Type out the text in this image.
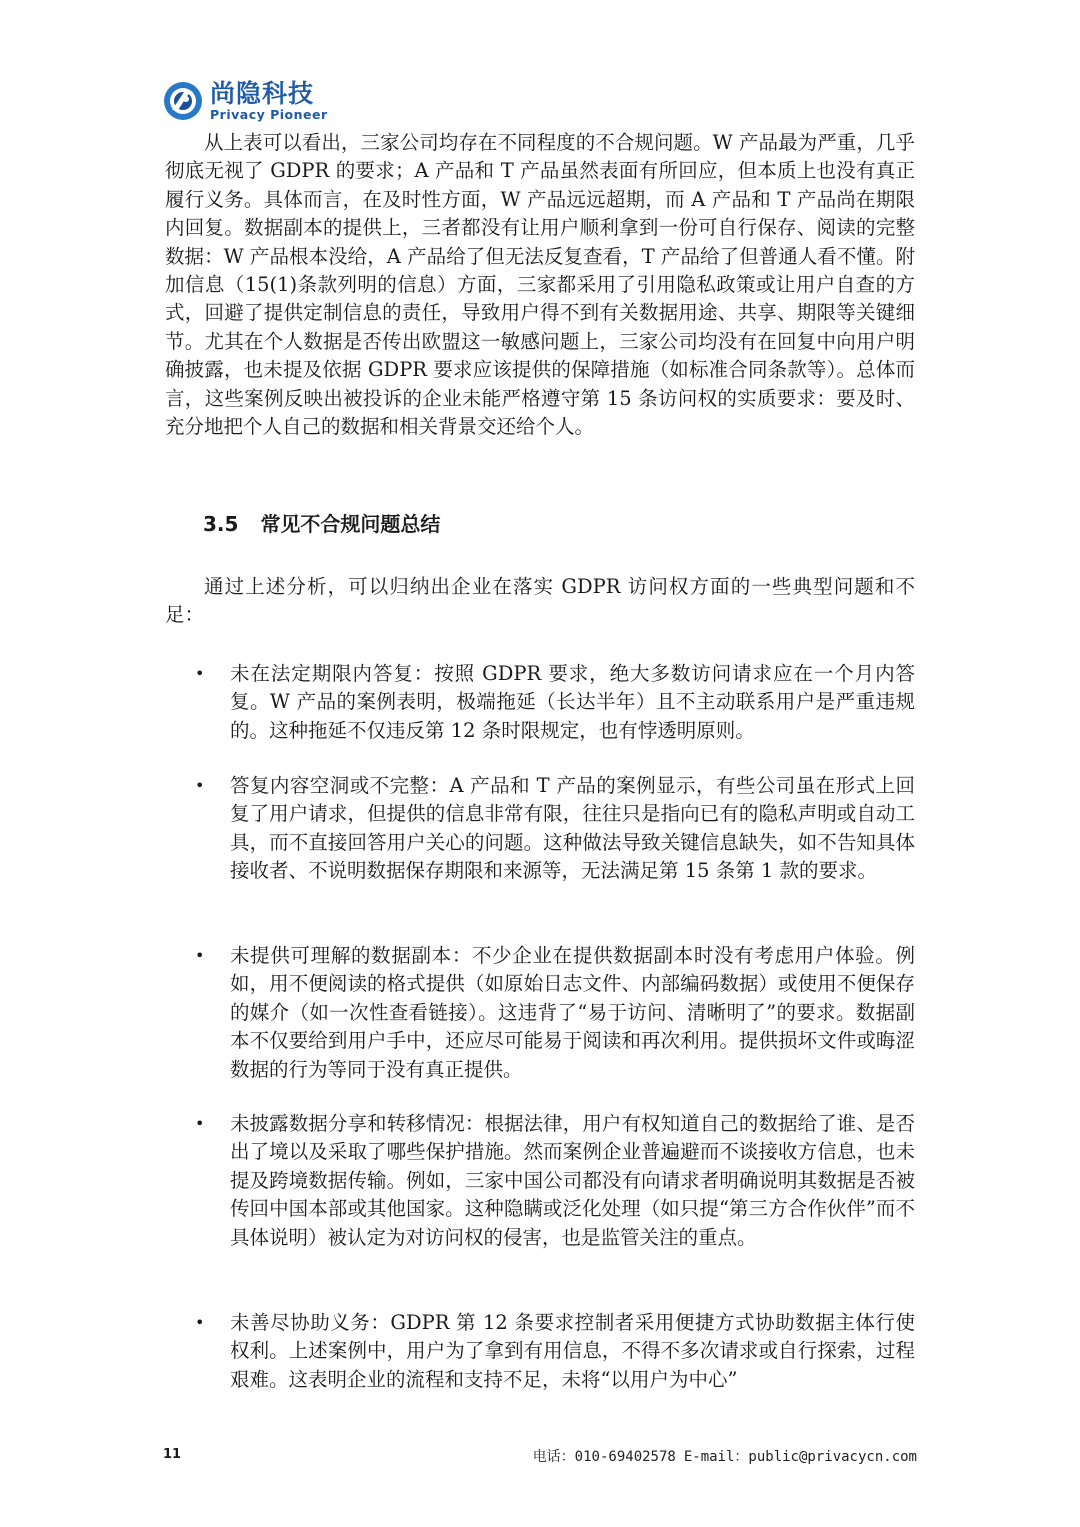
尚隐科技
Privacy Pioneer

从上表可以看出，三家公司均存在不同程度的不合规问题。W 产品最为严重，几乎彻底无视了 GDPR 的要求；A 产品和 T 产品虽然表面有所回应，但本质上也没有真正履行义务。具体而言，在及时性方面，W 产品远远超期，而 A 产品和 T 产品尚在期限内回复。数据副本的提供上，三者都没有让用户顺利拿到一份可自行保存、阅读的完整数据：W 产品根本没给，A 产品给了但无法反复查看，T 产品给了但普通人看不懂。附加信息（15(1)条款列明的信息）方面，三家都采用了引用隐私政策或让用户自查的方式，回避了提供定制信息的责任，导致用户得不到有关数据用途、共享、期限等关键细节。尤其在个人数据是否传出欧盟这一敏感问题上，三家公司均没有在回复中向用户明确披露，也未提及依据 GDPR 要求应该提供的保障措施（如标准合同条款等）。总体而言，这些案例反映出被投诉的企业未能严格遵守第 15 条访问权的实质要求：要及时、充分地把个人自己的数据和相关背景交还给个人。

3.5 常见不合规问题总结

通过上述分析，可以归纳出企业在落实 GDPR 访问权方面的一些典型问题和不足：

• 未在法定期限内答复：按照 GDPR 要求，绝大多数访问请求应在一个月内答复。W 产品的案例表明，极端拖延（长达半年）且不主动联系用户是严重违规的。这种拖延不仅违反第 12 条时限规定，也有悖透明原则。
• 答复内容空洞或不完整：A 产品和 T 产品的案例显示，有些公司虽在形式上回复了用户请求，但提供的信息非常有限，往往只是指向已有的隐私声明或自动工具，而不直接回答用户关心的问题。这种做法导致关键信息缺失，如不告知具体接收者、不说明数据保存期限和来源等，无法满足第 15 条第 1 款的要求。
• 未提供可理解的数据副本：不少企业在提供数据副本时没有考虑用户体验。例如，用不便阅读的格式提供（如原始日志文件、内部编码数据）或使用不便保存的媒介（如一次性查看链接）。这违背了“易于访问、清晰明了”的要求。数据副本不仅要给到用户手中，还应尽可能易于阅读和再次利用。提供损坏文件或晦涩数据的行为等同于没有真正提供。
• 未披露数据分享和转移情况：根据法律，用户有权知道自己的数据给了谁、是否出了境以及采取了哪些保护措施。然而案例企业普遍避而不谈接收方信息，也未提及跨境数据传输。例如，三家中国公司都没有向请求者明确说明其数据是否被传回中国本部或其他国家。这种隐瞒或泛化处理（如只提“第三方合作伙伴”而不具体说明）被认定为对访问权的侵害，也是监管关注的重点。
• 未善尽协助义务：GDPR 第 12 条要求控制者采用便捷方式协助数据主体行使权利。上述案例中，用户为了拿到有用信息，不得不多次请求或自行探索，过程艰难。这表明企业的流程和支持不足，未将“以用户为中心”
11	电话：010-69402578 E-mail：public@privacycn.com
